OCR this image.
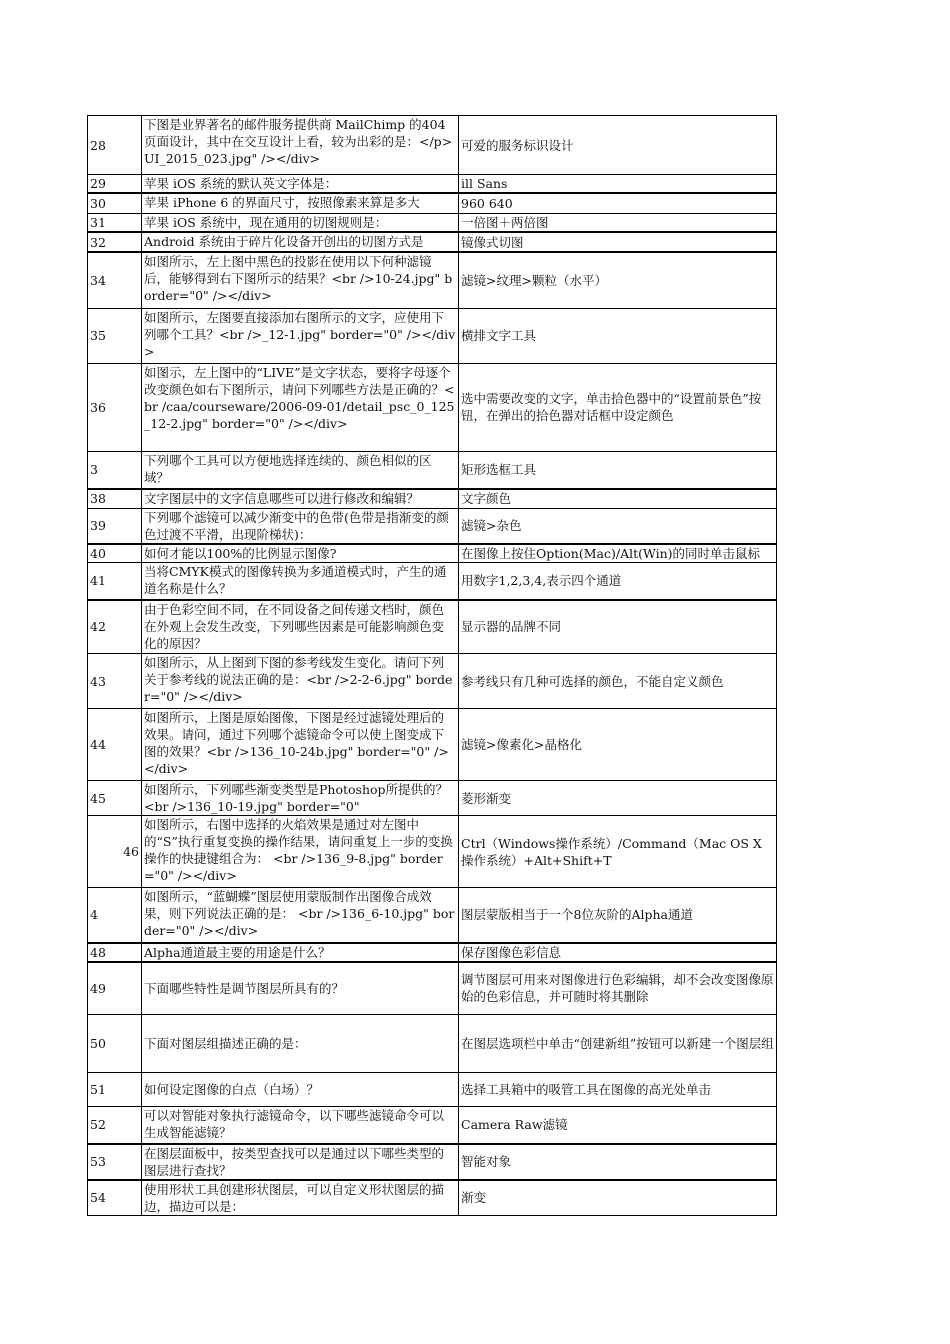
28	下图是业界著名的邮件服务提供商 MailChimp 的404页面设计，其中在交互设计上看，较为出彩的是：</p>UI_2015_023.jpg" /></div>	可爱的服务标识设计
29	苹果 iOS 系统的默认英文字体是：	ill Sans
30	苹果 iPhone 6 的界面尺寸，按照像素来算是多大	960 640
31	苹果 iOS 系统中，现在通用的切图规则是：	一倍图＋两倍图
32	Android 系统由于碎片化设备开创出的切图方式是	镜像式切图
34	如图所示，左上图中黑色的投影在使用以下何种滤镜后，能够得到右下图所示的结果？<br />10-24.jpg" border="0" /></div>	滤镜>纹理>颗粒（水平）
35	如图所示，左图要直接添加右图所示的文字，应使用下列哪个工具？<br />_12-1.jpg" border="0" /></div>	横排文字工具
36	如图示，左上图中的“LIVE”是文字状态，要将字母逐个改变颜色如右下图所示，请问下列哪些方法是正确的？<br /caa/courseware/2006-09-01/detail_psc_0_125_12-2.jpg" border="0" /></div>	选中需要改变的文字，单击拾色器中的“设置前景色”按钮，在弹出的拾色器对话框中设定颜色
3	下列哪个工具可以方便地选择连续的、颜色相似的区域？	矩形选框工具
38	文字图层中的文字信息哪些可以进行修改和编辑？	文字颜色
39	下列哪个滤镜可以减少渐变中的色带(色带是指渐变的颜色过渡不平滑，出现阶梯状)：	滤镜>杂色
40	如何才能以100%的比例显示图像?	在图像上按住Option(Mac)/Alt(Win)的同时单击鼠标
41	当将CMYK模式的图像转换为多通道模式时，产生的通道名称是什么？	用数字1,2,3,4,表示四个通道
42	由于色彩空间不同，在不同设备之间传递文档时，颜色在外观上会发生改变，下列哪些因素是可能影响颜色变化的原因？	显示器的品牌不同
43	如图所示，从上图到下图的参考线发生变化。请问下列关于参考线的说法正确的是：<br />2-2-6.jpg" border="0" /></div>	参考线只有几种可选择的颜色，不能自定义颜色
44	如图所示，上图是原始图像，下图是经过滤镜处理后的效果。请问，通过下列哪个滤镜命令可以使上图变成下图的效果？<br />136_10-24b.jpg" border="0" /></div>	滤镜>像素化>晶格化
45	如图所示，下列哪些渐变类型是Photoshop所提供的？<br />136_10-19.jpg" border="0"	菱形渐变
46	如图所示，右图中选择的火焰效果是通过对左图中的“S”执行重复变换的操作结果，请问重复上一步的变换操作的快捷键组合为： <br />136_9-8.jpg" border="0" /></div>	Ctrl（Windows操作系统）/Command（Mac OS X操作系统）+Alt+Shift+T
4	如图所示，“蓝蝴蝶”图层使用蒙版制作出图像合成效果，则下列说法正确的是： <br />136_6-10.jpg" border="0" /></div>	图层蒙版相当于一个8位灰阶的Alpha通道
48	Alpha通道最主要的用途是什么？	保存图像色彩信息
49	下面哪些特性是调节图层所具有的？	调节图层可用来对图像进行色彩编辑，却不会改变图像原始的色彩信息，并可随时将其删除
50	下面对图层组描述正确的是：	在图层选项栏中单击“创建新组”按钮可以新建一个图层组
51	如何设定图像的白点（白场）？	选择工具箱中的吸管工具在图像的高光处单击
52	可以对智能对象执行滤镜命令，以下哪些滤镜命令可以生成智能滤镜？	Camera Raw滤镜
53	在图层面板中，按类型查找可以是通过以下哪些类型的图层进行查找？	智能对象
54	使用形状工具创建形状图层，可以自定义形状图层的描边，描边可以是：	渐变
